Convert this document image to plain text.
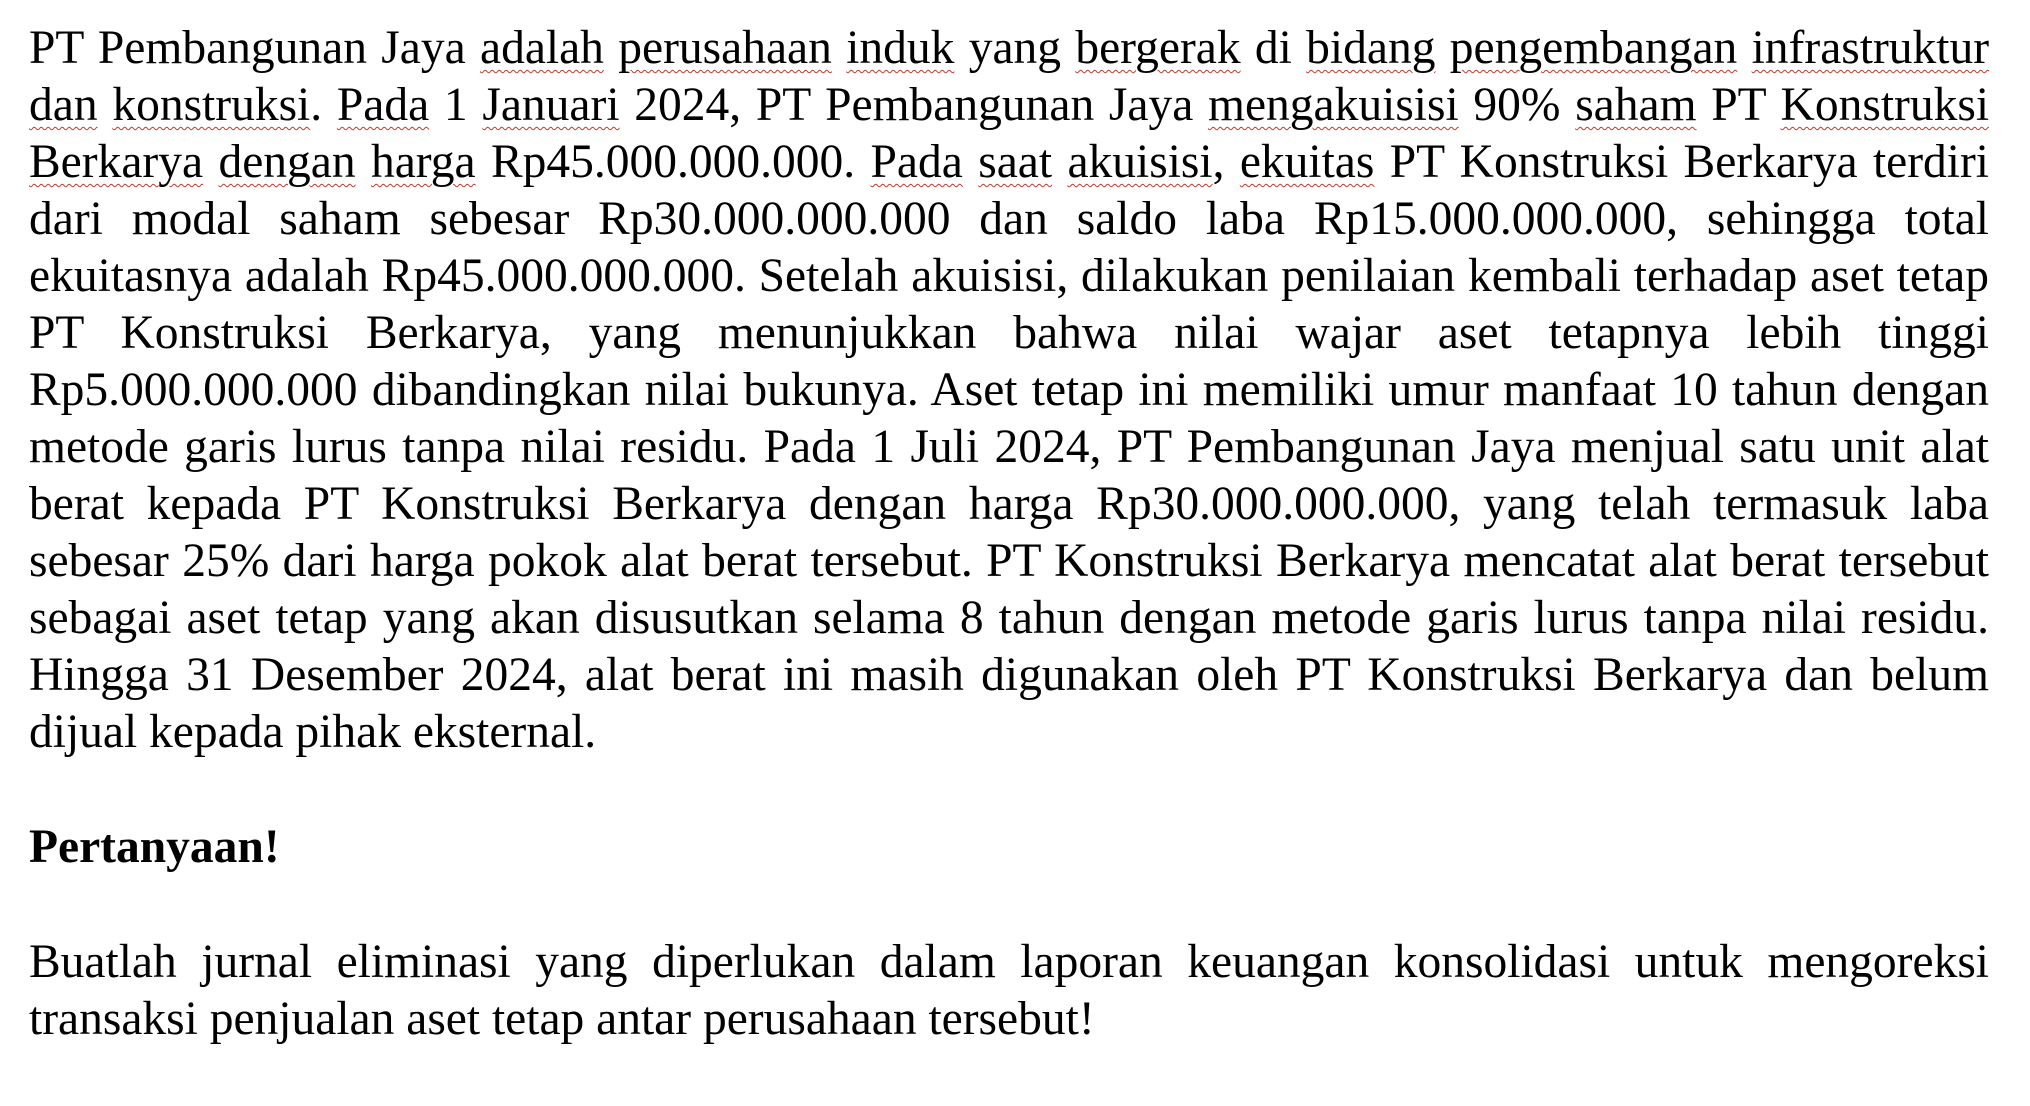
PT Pembangunan Jaya adalah perusahaan induk yang bergerak di bidang pengembangan infrastruktur dan konstruksi. Pada 1 Januari 2024, PT Pembangunan Jaya mengakuisisi 90% saham PT Konstruksi Berkarya dengan harga Rp45.000.000.000. Pada saat akuisisi, ekuitas PT Konstruksi Berkarya terdiri dari modal saham sebesar Rp30.000.000.000 dan saldo laba Rp15.000.000.000, sehingga total ekuitasnya adalah Rp45.000.000.000. Setelah akuisisi, dilakukan penilaian kembali terhadap aset tetap PT Konstruksi Berkarya, yang menunjukkan bahwa nilai wajar aset tetapnya lebih tinggi Rp5.000.000.000 dibandingkan nilai bukunya. Aset tetap ini memiliki umur manfaat 10 tahun dengan metode garis lurus tanpa nilai residu. Pada 1 Juli 2024, PT Pembangunan Jaya menjual satu unit alat berat kepada PT Konstruksi Berkarya dengan harga Rp30.000.000.000, yang telah termasuk laba sebesar 25% dari harga pokok alat berat tersebut. PT Konstruksi Berkarya mencatat alat berat tersebut sebagai aset tetap yang akan disusutkan selama 8 tahun dengan metode garis lurus tanpa nilai residu. Hingga 31 Desember 2024, alat berat ini masih digunakan oleh PT Konstruksi Berkarya dan belum dijual kepada pihak eksternal.

Pertanyaan!

Buatlah jurnal eliminasi yang diperlukan dalam laporan keuangan konsolidasi untuk mengoreksi transaksi penjualan aset tetap antar perusahaan tersebut!
